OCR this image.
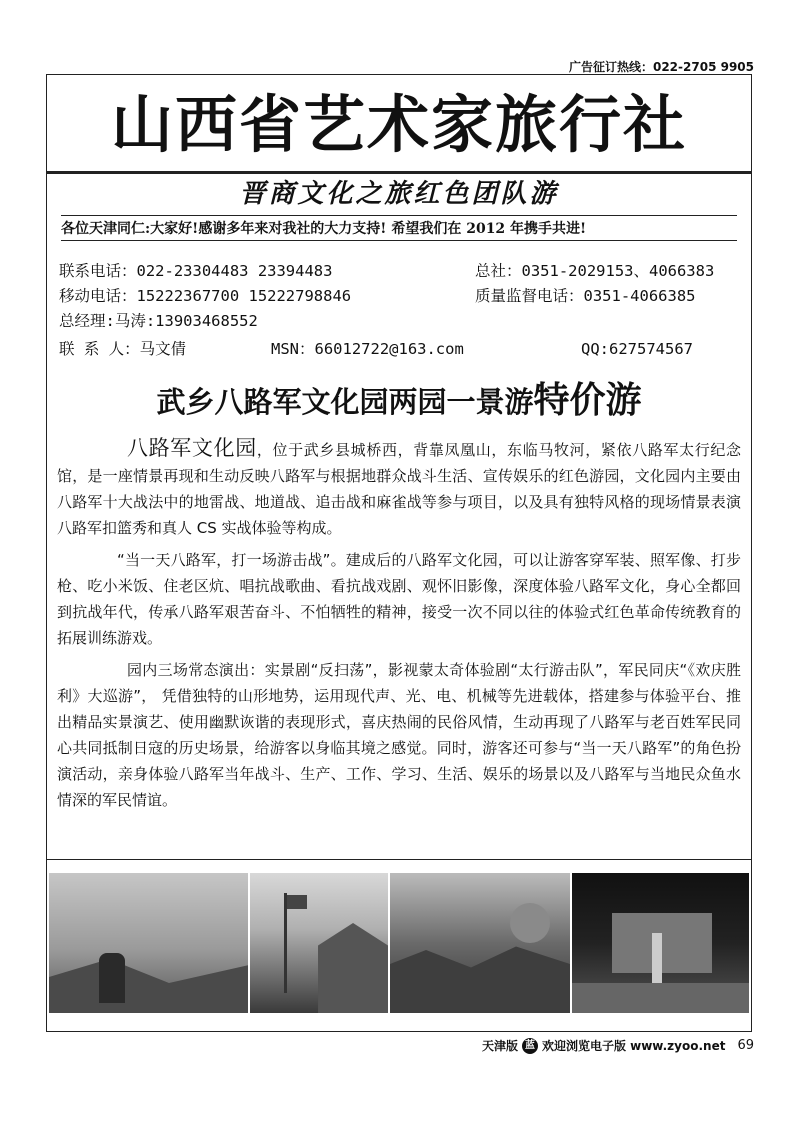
广告征订热线：022-2705 9905
山西省艺术家旅行社
晋商文化之旅红色团队游
各位天津同仁:大家好!感谢多年来对我社的大力支持! 希望我们在 2012 年携手共进!
联系电话：022-23304483 23394483	总社：0351-2029153、4066383
移动电话：15222367700 15222798846	质量监督电话：0351-4066385
总经理:马涛:13903468552
联 系 人：马文倩	MSN：66012722@163.com	QQ:627574567
武乡八路军文化园两园一景游特价游

八路军文化园，位于武乡县城桥西，背靠凤凰山，东临马牧河，紧依八路军太行纪念馆，是一座情景再现和生动反映八路军与根据地群众战斗生活、宣传娱乐的红色游园，文化园内主要由八路军十大战法中的地雷战、地道战、追击战和麻雀战等参与项目，以及具有独特风格的现场情景表演八路军扣篮秀和真人 CS 实战体验等构成。

“当一天八路军，打一场游击战”。建成后的八路军文化园，可以让游客穿军装、照军像、打步枪、吃小米饭、住老区炕、唱抗战歌曲、看抗战戏剧、观怀旧影像，深度体验八路军文化，身心全都回到抗战年代，传承八路军艰苦奋斗、不怕牺牲的精神，接受一次不同以往的体验式红色革命传统教育的拓展训练游戏。

园内三场常态演出：实景剧“反扫荡”，影视蒙太奇体验剧“太行游击队”，军民同庆“《欢庆胜利》大巡游”， 凭借独特的山形地势，运用现代声、光、电、机械等先进载体，搭建参与体验平台、推出精品实景演艺、使用幽默诙谐的表现形式，喜庆热闹的民俗风情，生动再现了八路军与老百姓军民同心共同抵制日寇的历史场景，给游客以身临其境之感觉。同时，游客还可参与“当一天八路军”的角色扮演活动，亲身体验八路军当年战斗、生产、工作、学习、生活、娱乐的场景以及八路军与当地民众鱼水情深的军民情谊。

天津版 蓝 欢迎浏览电子版 www.zyoo.net 69
